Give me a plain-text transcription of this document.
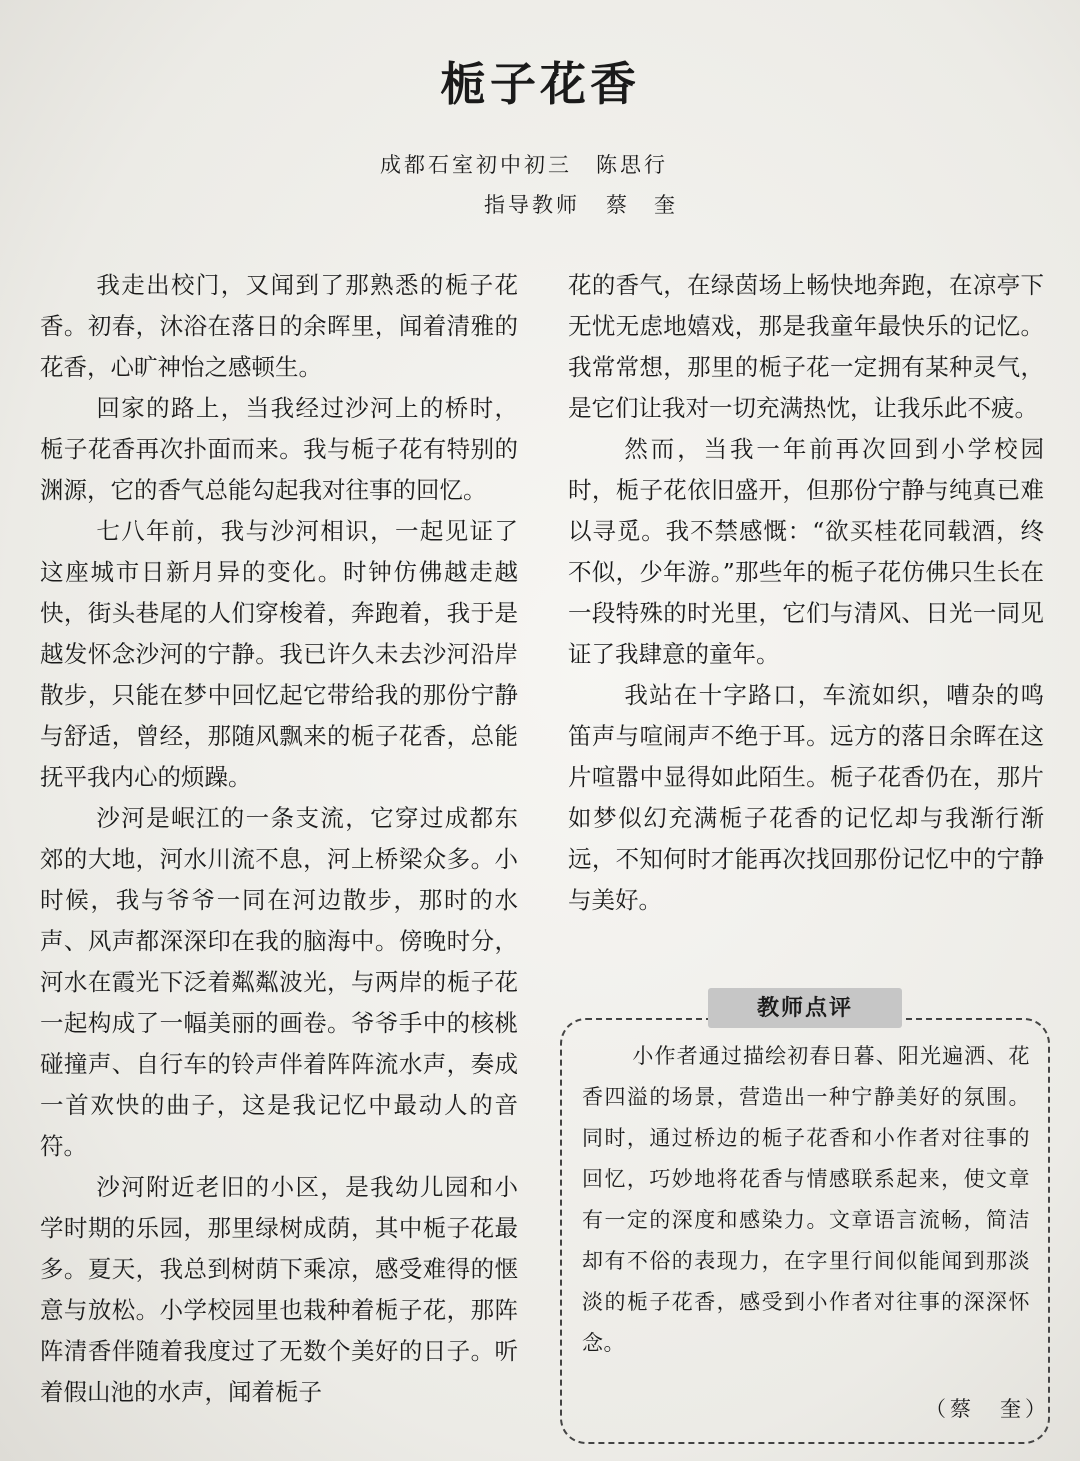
栀子花香
成都石室初中初三　陈思行
指导教师 蔡　奎

我走出校门，又闻到了那熟悉的栀子花香。初春，沐浴在落日的余晖里，闻着清雅的花香，心旷神怡之感顿生。

回家的路上，当我经过沙河上的桥时，栀子花香再次扑面而来。我与栀子花有特别的渊源，它的香气总能勾起我对往事的回忆。

七八年前，我与沙河相识，一起见证了这座城市日新月异的变化。时钟仿佛越走越快，街头巷尾的人们穿梭着，奔跑着，我于是越发怀念沙河的宁静。我已许久未去沙河沿岸散步，只能在梦中回忆起它带给我的那份宁静与舒适，曾经，那随风飘来的栀子花香，总能抚平我内心的烦躁。

沙河是岷江的一条支流，它穿过成都东郊的大地，河水川流不息，河上桥梁众多。小时候，我与爷爷一同在河边散步，那时的水声、风声都深深印在我的脑海中。傍晚时分，河水在霞光下泛着粼粼波光，与两岸的栀子花一起构成了一幅美丽的画卷。爷爷手中的核桃碰撞声、自行车的铃声伴着阵阵流水声，奏成一首欢快的曲子，这是我记忆中最动人的音符。

沙河附近老旧的小区，是我幼儿园和小学时期的乐园，那里绿树成荫，其中栀子花最多。夏天，我总到树荫下乘凉，感受难得的惬意与放松。小学校园里也栽种着栀子花，那阵阵清香伴随着我度过了无数个美好的日子。听着假山池的水声，闻着栀子

花的香气，在绿茵场上畅快地奔跑，在凉亭下无忧无虑地嬉戏，那是我童年最快乐的记忆。我常常想，那里的栀子花一定拥有某种灵气，是它们让我对一切充满热忱，让我乐此不疲。

然而，当我一年前再次回到小学校园时，栀子花依旧盛开，但那份宁静与纯真已难以寻觅。我不禁感慨：“欲买桂花同载酒，终不似，少年游。”那些年的栀子花仿佛只生长在一段特殊的时光里，它们与清风、日光一同见证了我肆意的童年。

我站在十字路口，车流如织，嘈杂的鸣笛声与喧闹声不绝于耳。远方的落日余晖在这片喧嚣中显得如此陌生。栀子花香仍在，那片如梦似幻充满栀子花香的记忆却与我渐行渐远，不知何时才能再次找回那份记忆中的宁静与美好。

教师点评

小作者通过描绘初春日暮、阳光遍洒、花香四溢的场景，营造出一种宁静美好的氛围。同时，通过桥边的栀子花香和小作者对往事的回忆，巧妙地将花香与情感联系起来，使文章有一定的深度和感染力。文章语言流畅，简洁却有不俗的表现力，在字里行间似能闻到那淡淡的栀子花香，感受到小作者对往事的深深怀念。

（蔡　奎）
